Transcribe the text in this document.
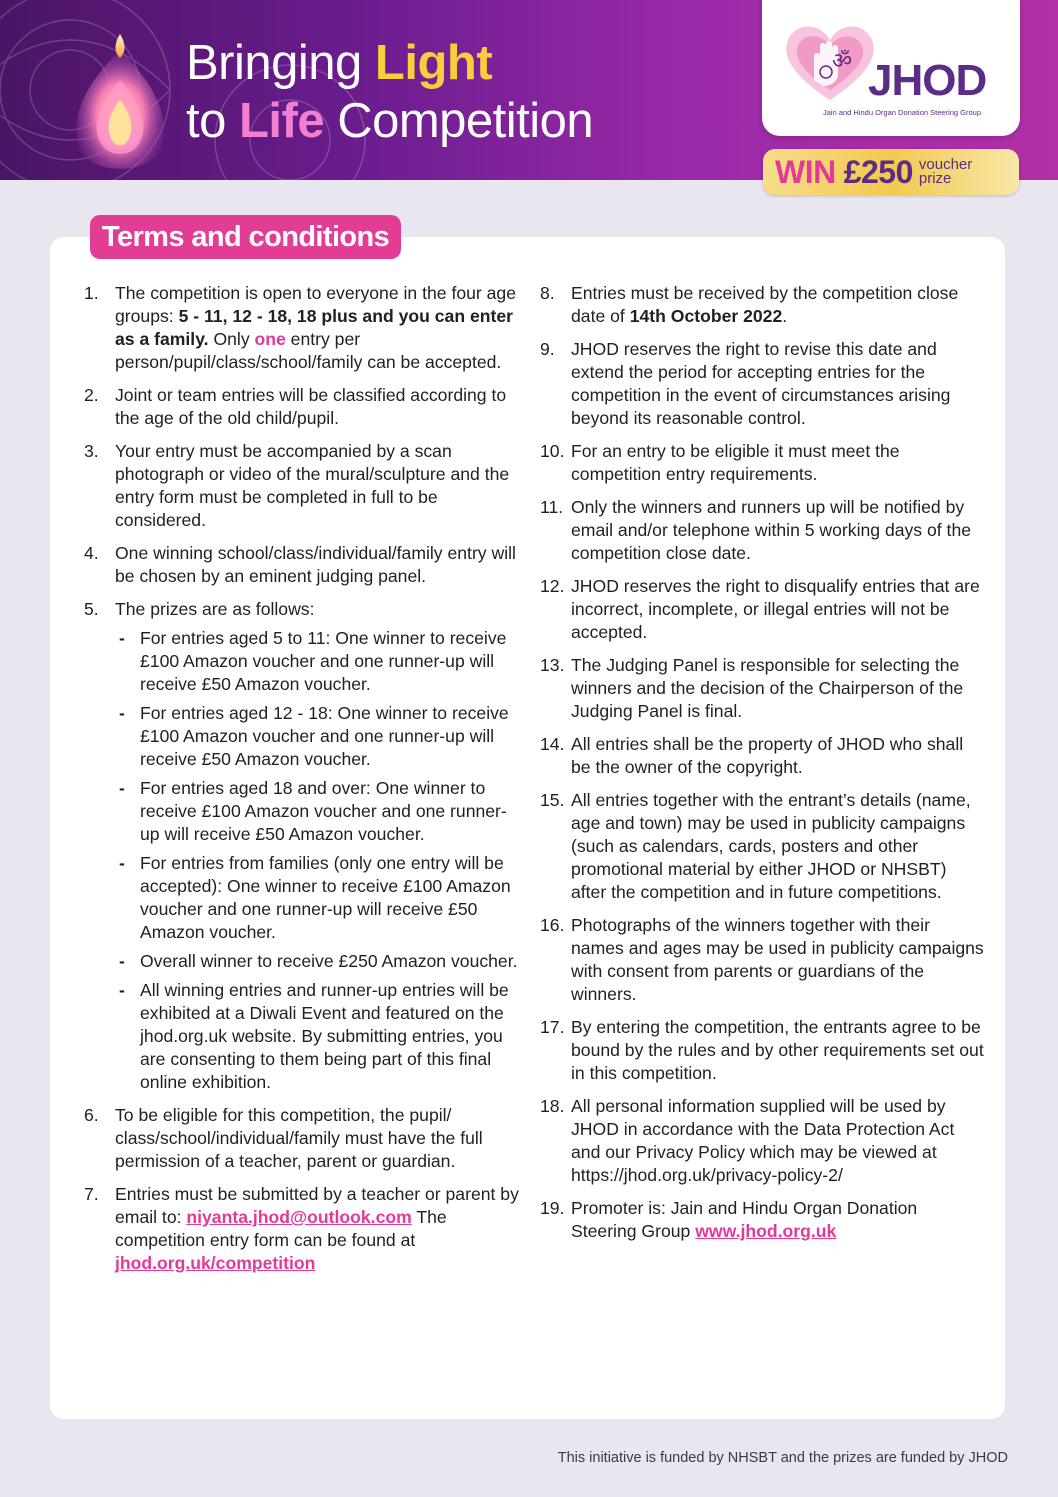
Bringing Light
to Life Competition
ॐ JHOD
Jain and Hindu Organ Donation Steering Group
WIN £250 voucher
prize
Terms and conditions
1. The competition is open to everyone in the four age groups: 5 - 11, 12 - 18, 18 plus and you can enter as a family. Only one entry per person/pupil/class/school/family can be accepted.
2. Joint or team entries will be classified according to the age of the old child/pupil.
3. Your entry must be accompanied by a scan photograph or video of the mural/sculpture and the entry form must be completed in full to be considered.
4. One winning school/class/individual/family entry will be chosen by an eminent judging panel.
5. The prizes are as follows:
- For entries aged 5 to 11: One winner to receive £100 Amazon voucher and one runner-up will receive £50 Amazon voucher.
- For entries aged 12 - 18: One winner to receive £100 Amazon voucher and one runner-up will receive £50 Amazon voucher.
- For entries aged 18 and over: One winner to receive £100 Amazon voucher and one runner-up will receive £50 Amazon voucher.
- For entries from families (only one entry will be accepted): One winner to receive £100 Amazon voucher and one runner-up will receive £50 Amazon voucher.
- Overall winner to receive £250 Amazon voucher.
- All winning entries and runner-up entries will be exhibited at a Diwali Event and featured on the jhod.org.uk website. By submitting entries, you are consenting to them being part of this final online exhibition.
6. To be eligible for this competition, the pupil/ class/school/individual/family must have the full permission of a teacher, parent or guardian.
7. Entries must be submitted by a teacher or parent by email to: niyanta.jhod@outlook.com The competition entry form can be found at
jhod.org.uk/competition
8. Entries must be received by the competition close date of 14th October 2022.
9. JHOD reserves the right to revise this date and extend the period for accepting entries for the competition in the event of circumstances arising beyond its reasonable control.
10. For an entry to be eligible it must meet the competition entry requirements.
11. Only the winners and runners up will be notified by email and/or telephone within 5 working days of the competition close date.
12. JHOD reserves the right to disqualify entries that are incorrect, incomplete, or illegal entries will not be accepted.
13. The Judging Panel is responsible for selecting the winners and the decision of the Chairperson of the Judging Panel is final.
14. All entries shall be the property of JHOD who shall be the owner of the copyright.
15. All entries together with the entrant’s details (name, age and town) may be used in publicity campaigns (such as calendars, cards, posters and other promotional material by either JHOD or NHSBT) after the competition and in future competitions.
16. Photographs of the winners together with their names and ages may be used in publicity campaigns with consent from parents or guardians of the winners.
17. By entering the competition, the entrants agree to be bound by the rules and by other requirements set out in this competition.
18. All personal information supplied will be used by JHOD in accordance with the Data Protection Act and our Privacy Policy which may be viewed at https://jhod.org.uk/privacy-policy-2/
19. Promoter is: Jain and Hindu Organ Donation Steering Group www.jhod.org.uk
This initiative is funded by NHSBT and the prizes are funded by JHOD
